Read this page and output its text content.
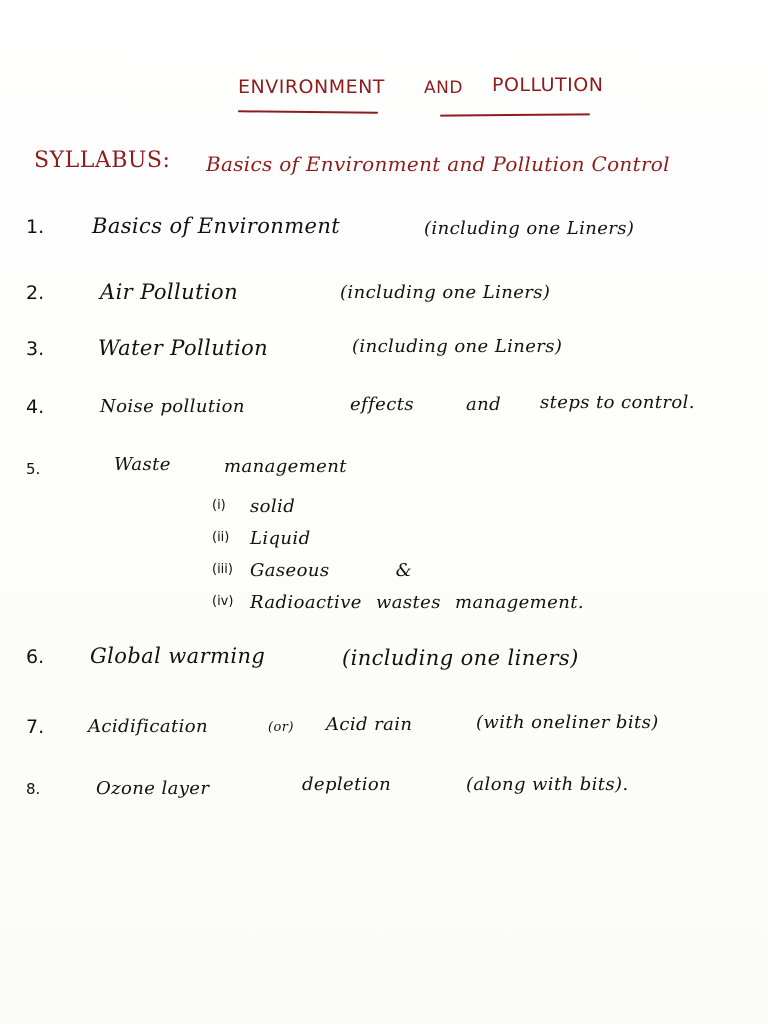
ENVIRONMENT AND POLLUTION
SYLLABUS: Basics of Environment and Pollution Control
1. Basics of Environment	(including one Liners)
2.	Air Pollution	(including one Liners)
3.	Water Pollution	(including one Liners)
4.	Noise pollution	effects	and steps to control.
5.	Waste	management
(i) solid
(ii) Liquid
(iii) Gaseous &
(iv) Radioactive wastes management.
6. Global warming	(including one liners)
7. Acidification	(or) Acid rain	(with oneliner bits)
8.	Ozone layer	depletion	(along with bits).
